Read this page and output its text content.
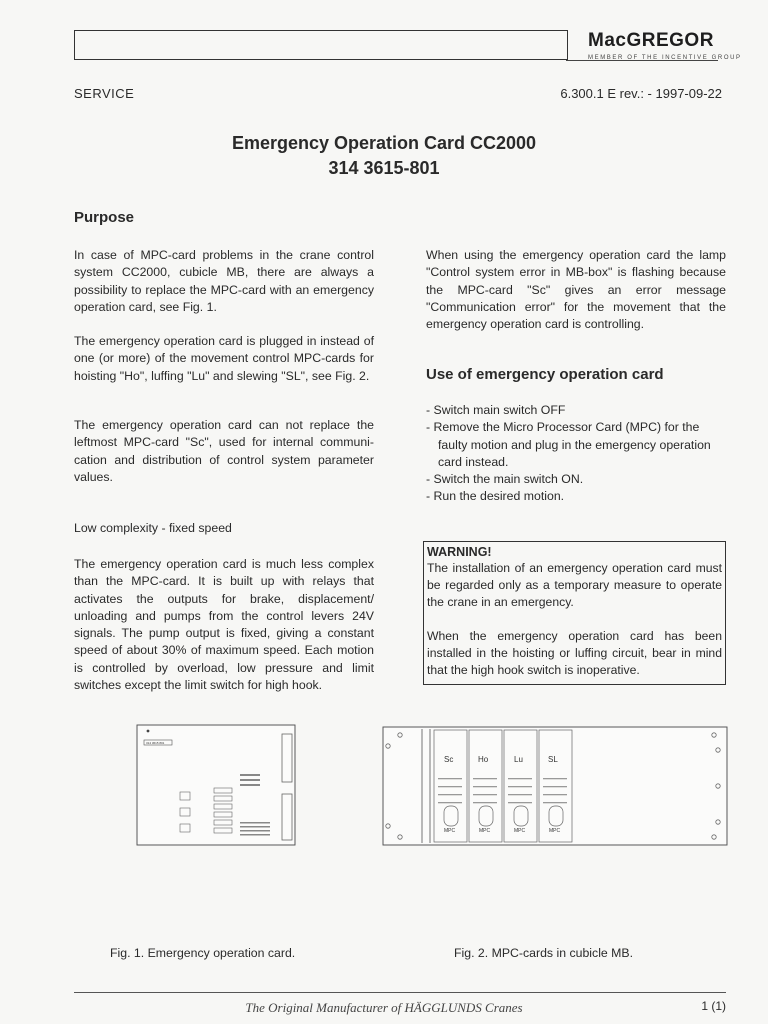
MacGREGOR
MEMBER OF THE INCENTIVE GROUP
SERVICE	6.300.1 E rev.: - 1997-09-22
Emergency Operation Card CC2000
314 3615-801
Purpose

In case of MPC-card problems in the crane control system CC2000, cubicle MB, there are always a possibility to replace the MPC-card with an emergency operation card, see Fig. 1.

The emergency operation card is plugged in instead of one (or more) of the movement control MPC-cards for hoisting "Ho", luffing "Lu" and slewing "SL", see Fig. 2.

The emergency operation card can not replace the leftmost MPC-card "Sc", used for internal communi-cation and distribution of control system parameter values.

Low complexity - fixed speed

The emergency operation card is much less complex than the MPC-card. It is built up with relays that activates the outputs for brake, displacement/ unloading and pumps from the control levers 24V signals. The pump output is fixed, giving a constant speed of about 30% of maximum speed. Each motion is controlled by overload, low pressure and limit switches except the limit switch for high hook.

When using the emergency operation card the lamp "Control system error in MB-box" is flashing because the MPC-card "Sc" gives an error message "Communication error" for the movement that the emergency operation card is controlling.

Use of emergency operation card
- Switch main switch OFF
- Remove the Micro Processor Card (MPC) for the faulty motion and plug in the emergency operation card instead.
- Switch the main switch ON.
- Run the desired motion.
WARNING!

The installation of an emergency operation card must be regarded only as a temporary measure to operate the crane in an emergency.

When the emergency operation card has been installed in the hoisting or luffing circuit, bear in mind that the high hook switch is inoperative.

314 3615 801
Fig. 1. Emergency operation card.
Sc	Ho	Lu	SL
MPC	MPC	MPC	MPC
Fig. 2. MPC-cards in cubicle MB.
The Original Manufacturer of HÄGGLUNDS Cranes	1 (1)
